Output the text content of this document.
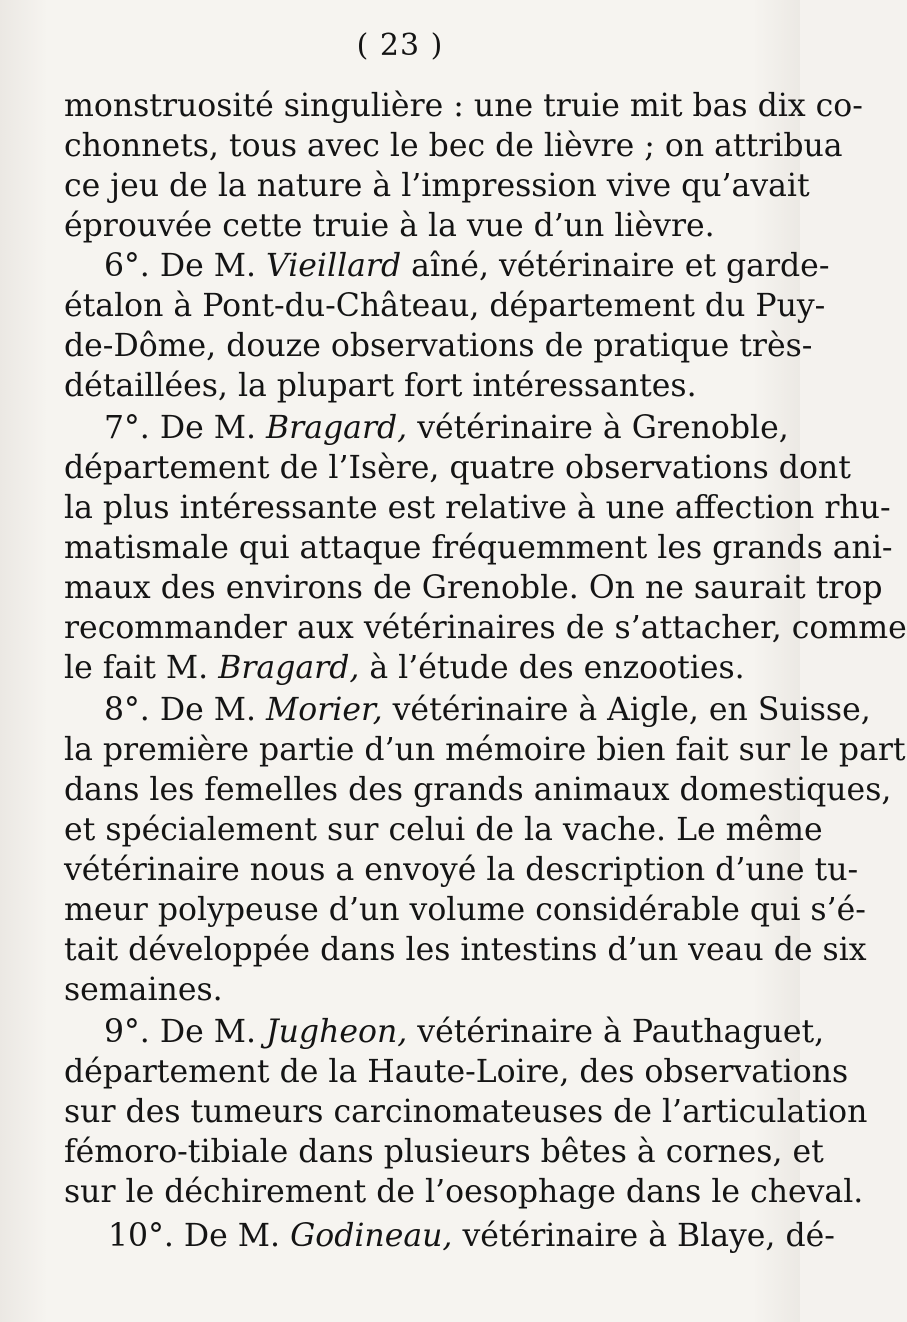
( 23 )
monstruosité singulière : une truie mit bas dix co-
chonnets, tous avec le bec de lièvre ; on attribua
ce jeu de la nature à l’impression vive qu’avait
éprouvée cette truie à la vue d’un lièvre.
6°. De M. Vieillard aîné, vétérinaire et garde-
étalon à Pont-du-Château, département du Puy-
de-Dôme, douze observations de pratique très-
détaillées, la plupart fort intéressantes.
7°. De M. Bragard, vétérinaire à Grenoble,
département de l’Isère, quatre observations dont
la plus intéressante est relative à une affection rhu-
matismale qui attaque fréquemment les grands ani-
maux des environs de Grenoble. On ne saurait trop
recommander aux vétérinaires de s’attacher, comme
le fait M. Bragard, à l’étude des enzooties.
8°. De M. Morier, vétérinaire à Aigle, en Suisse,
la première partie d’un mémoire bien fait sur le part
dans les femelles des grands animaux domestiques,
et spécialement sur celui de la vache. Le même
vétérinaire nous a envoyé la description d’une tu-
meur polypeuse d’un volume considérable qui s’é-
tait développée dans les intestins d’un veau de six
semaines.
9°. De M. Jugheon, vétérinaire à Pauthaguet,
département de la Haute-Loire, des observations
sur des tumeurs carcinomateuses de l’articulation
fémoro-tibiale dans plusieurs bêtes à cornes, et
sur le déchirement de l’oesophage dans le cheval.
10°. De M. Godineau, vétérinaire à Blaye, dé-
